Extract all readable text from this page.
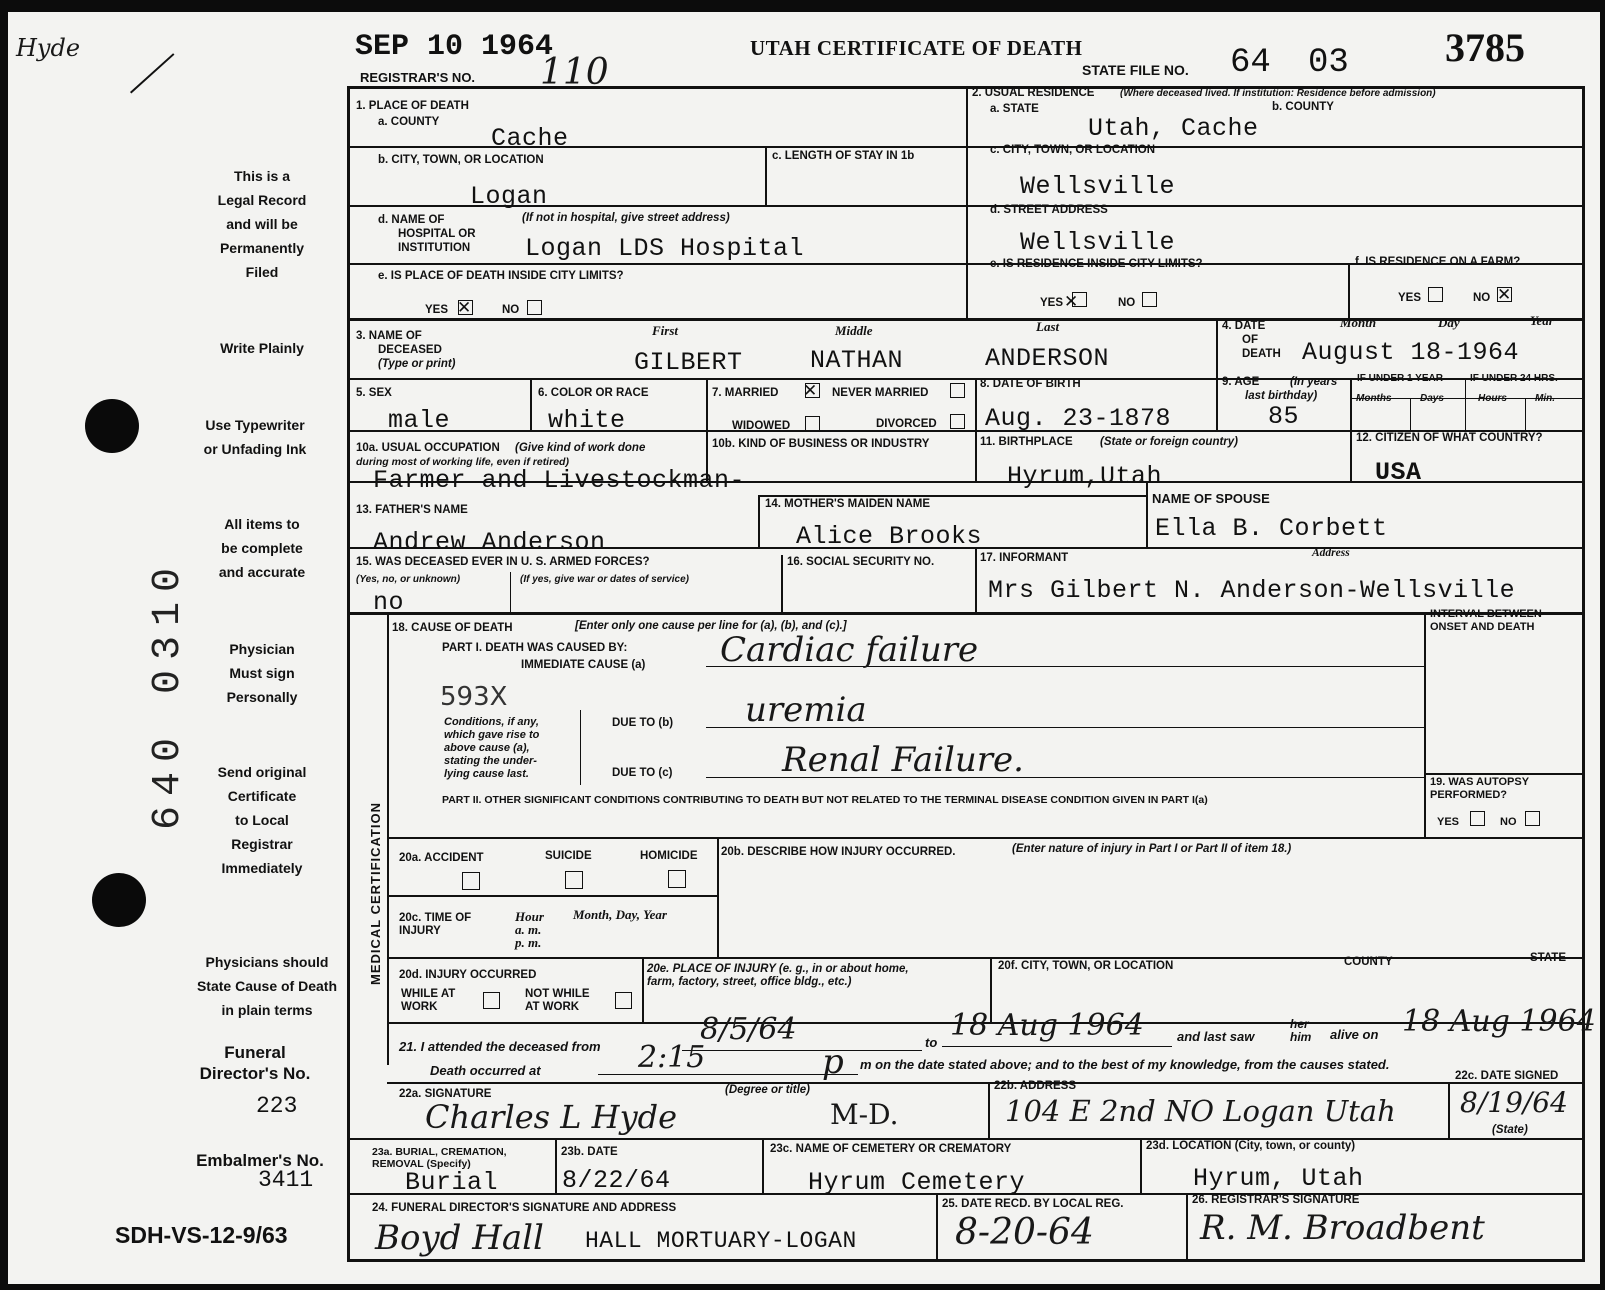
Hyde	SEP 10 1964
REGISTRAR'S NO. 110
UTAH CERTIFICATE OF DEATH
STATE FILE NO. 64 03 3785
This is a
Legal Record
and will be
Permanently
Filed
Write Plainly
Use Typewriter
or Unfading Ink
All items to
be complete
and accurate
Physician
Must sign
Personally
Send original
Certificate
to Local
Registrar
Immediately
Physicians should
State Cause of Death
in plain terms
Funeral
Director's No.
223
Embalmer's No.
3411
SDH-VS-12-9/63
640 0310
1. PLACE OF DEATH
a. COUNTY
Cache
b. CITY, TOWN, OR LOCATION
Logan
c. LENGTH OF STAY IN 1b
d. NAME OF
HOSPITAL OR
INSTITUTION
(If not in hospital, give street address)
Logan LDS Hospital
e. IS PLACE OF DEATH INSIDE CITY LIMITS?
YES ✕	NO
2. USUAL RESIDENCE	(Where deceased lived. If institution: Residence before admission)
a. STATE	b. COUNTY
Utah, Cache
c. CITY, TOWN, OR LOCATION
Wellsville
d. STREET ADDRESS
Wellsville
e. IS RESIDENCE INSIDE CITY LIMITS?
YES ✕	NO
f. IS RESIDENCE ON A FARM?
YES	NO ✕
3. NAME OF
DECEASED
(Type or print)
First	Middle	Last
GILBERT	NATHAN	ANDERSON
4. DATE
OF
DEATH
Month	Day	Year
August 18-1964
5. SEX
male
6. COLOR OR RACE
white
7. MARRIED ✕ NEVER MARRIED
WIDOWED	DIVORCED
8. DATE OF BIRTH
Aug. 23-1878
9. AGE	(In years
last birthday)
85
IF UNDER 1 YEAR	IF UNDER 24 HRS.
Months	Days	Hours	Min.
10a. USUAL OCCUPATION (Give kind of work done
during most of working life, even if retired)
Farmer and Livestockman-
10b. KIND OF BUSINESS OR INDUSTRY	11. BIRTHPLACE (State or foreign country)
Hyrum,Utah
12. CITIZEN OF WHAT COUNTRY?
USA
13. FATHER'S NAME
Andrew Anderson
14. MOTHER'S MAIDEN NAME
Alice Brooks
NAME OF SPOUSE
Ella B. Corbett
15. WAS DECEASED EVER IN U. S. ARMED FORCES?
(Yes, no, or unknown)	(If yes, give war or dates of service)
no
16. SOCIAL SECURITY NO.	17. INFORMANT	Address
Mrs Gilbert N. Anderson-Wellsville
MEDICAL CERTIFICATION
18. CAUSE OF DEATH	[Enter only one cause per line for (a), (b), and (c).]
PART I. DEATH WAS CAUSED BY:
IMMEDIATE CAUSE (a) Cardiac failure
593X
Conditions, if any,
which gave rise to
above cause (a),
stating the under-
lying cause last.
DUE TO (b) uremia
DUE TO (c)	Renal Failure.
PART II. OTHER SIGNIFICANT CONDITIONS CONTRIBUTING TO DEATH BUT NOT RELATED TO THE TERMINAL DISEASE CONDITION GIVEN IN PART I(a)
INTERVAL BETWEEN
ONSET AND DEATH
19. WAS AUTOPSY
PERFORMED?
YES	NO
20a. ACCIDENT	SUICIDE	HOMICIDE 20b. DESCRIBE HOW INJURY OCCURRED.	(Enter nature of injury in Part I or Part II of item 18.)
20c. TIME OF
INJURY
Hour
a. m.
p. m.
Month, Day, Year
20d. INJURY OCCURRED
WHILE AT
WORK
NOT WHILE
AT WORK
20e. PLACE OF INJURY (e. g., in or about home,
farm, factory, street, office bldg., etc.)
20f. CITY, TOWN, OR LOCATION	COUNTY	STATE
21. I attended the deceased from	8/5/64	to 18 Aug 1964	and last saw
her
him alive on 18 Aug 1964
Death occurred at	2:15	p m on the date stated above; and to the best of my knowledge, from the causes stated.
22a. SIGNATURE	(Degree or title)
Charles L Hyde	M-D.
22b. ADDRESS
104 E 2nd NO Logan Utah
22c. DATE SIGNED
8/19/64
(State)
23a. BURIAL, CREMATION,
REMOVAL (Specify)
Burial
23b. DATE
8/22/64
23c. NAME OF CEMETERY OR CREMATORY
Hyrum Cemetery
23d. LOCATION (City, town, or county)
Hyrum, Utah
24. FUNERAL DIRECTOR'S SIGNATURE AND ADDRESS
Boyd Hall HALL MORTUARY-LOGAN
25. DATE RECD. BY LOCAL REG.
8-20-64
26. REGISTRAR'S SIGNATURE
R. M. Broadbent
